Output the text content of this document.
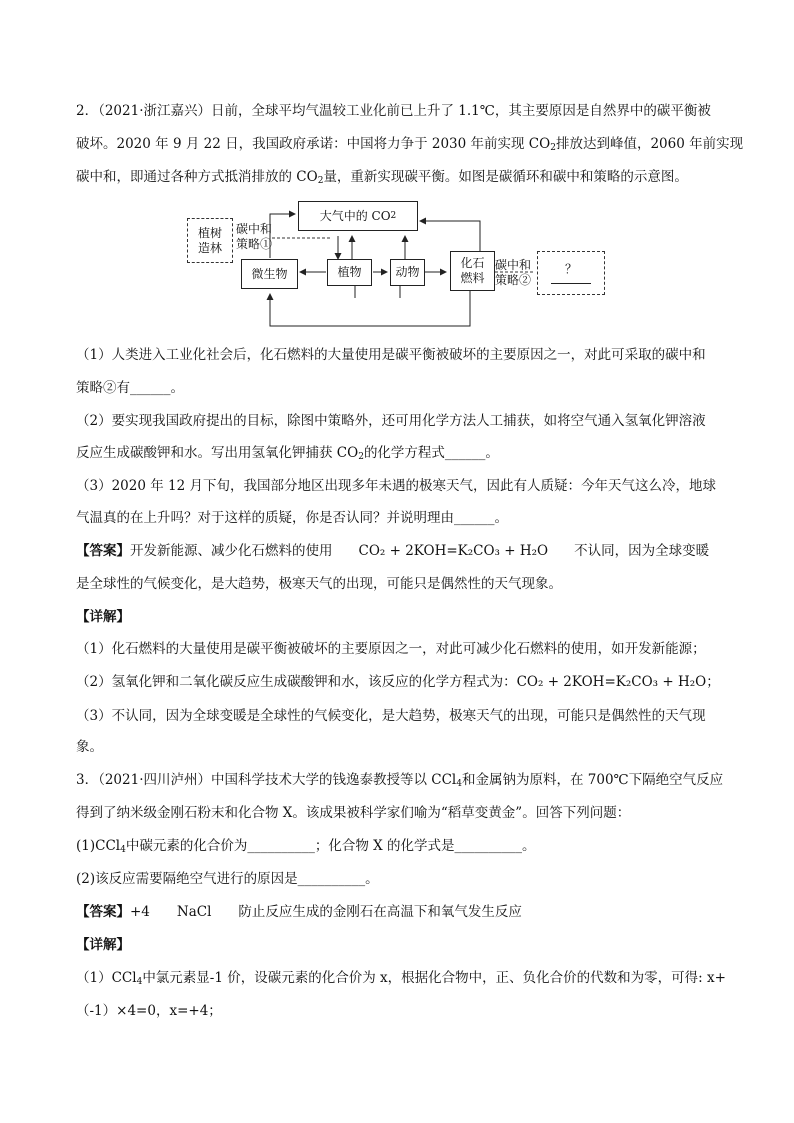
2．（2021·浙江嘉兴）日前，全球平均气温较工业化前已上升了 1.1℃，其主要原因是自然界中的碳平衡被
破坏。2020 年 9 月 22 日，我国政府承诺：中国将力争于 2030 年前实现 $CO_2$排放达到峰值，2060 年前实现
碳中和，即通过各种方式抵消排放的 $CO_2$量，重新实现碳平衡。如图是碳循环和碳中和策略的示意图。
大气中的 CO 2
植树
造林
碳中和
策略①
微生物	植物	动物
化石
燃料
碳中和
策略②
？
（1）人类进入工业化社会后，化石燃料的大量使用是碳平衡被破坏的主要原因之一，对此可采取的碳中和
策略②有______。
（2）要实现我国政府提出的目标，除图中策略外，还可用化学方法人工捕获，如将空气通入氢氧化钾溶液
反应生成碳酸钾和水。写出用氢氧化钾捕获 $CO_2$的化学方程式______。
（3）2020 年 12 月下旬，我国部分地区出现多年未遇的极寒天气，因此有人质疑：今年天气这么冷，地球
气温真的在上升吗？对于这样的质疑，你是否认同？并说明理由______。
【答案】开发新能源、减少化石燃料的使用 CO₂ + 2KOH=K₂CO₃ + H₂O 不认同，因为全球变暖
是全球性的气候变化，是大趋势，极寒天气的出现，可能只是偶然性的天气现象。
【详解】
（1）化石燃料的大量使用是碳平衡被破坏的主要原因之一，对此可减少化石燃料的使用，如开发新能源；
（2）氢氧化钾和二氧化碳反应生成碳酸钾和水，该反应的化学方程式为：CO₂ + 2KOH=K₂CO₃ + H₂O；
（3）不认同，因为全球变暖是全球性的气候变化，是大趋势，极寒天气的出现，可能只是偶然性的天气现
象。
3．（2021·四川泸州）中国科学技术大学的钱逸泰教授等以 CCl$_4$和金属钠为原料，在 700℃下隔绝空气反应
得到了纳米级金刚石粉末和化合物 X。该成果被科学家们喻为“稻草变黄金”。回答下列问题：
(1)CCl$_4$中碳元素的化合价为__________；化合物 X 的化学式是__________。
(2)该反应需要隔绝空气进行的原因是__________。
【答案】+4　　NaCl　　防止反应生成的金刚石在高温下和氧气发生反应
【详解】
（1）CCl$_4$中氯元素显-1 价，设碳元素的化合价为 x，根据化合物中，正、负化合价的代数和为零，可得: x+
（-1）×4=0，x=+4；
